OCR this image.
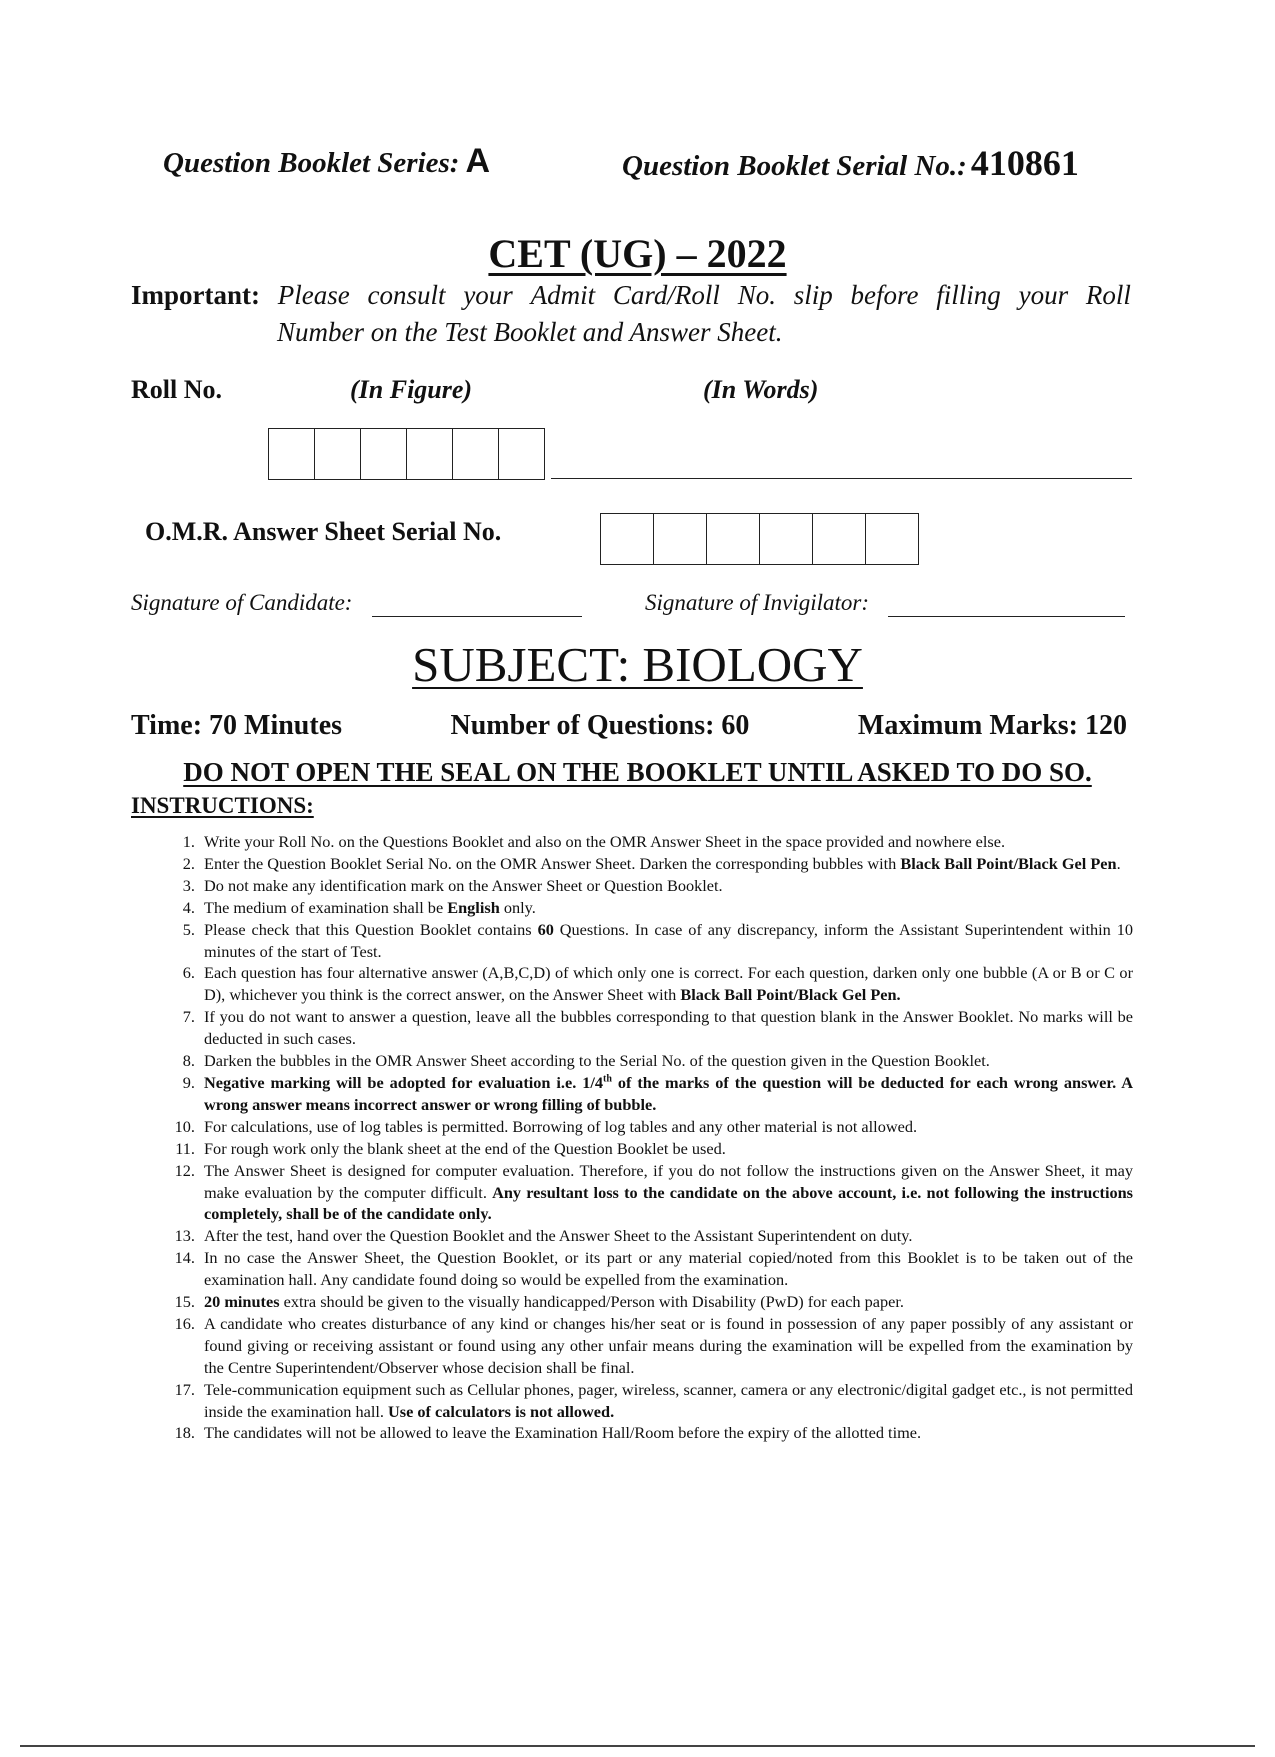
Question Booklet Series: A	Question Booklet Serial No.: 410861
CET (UG) – 2022
Important: Please consult your Admit Card/Roll No. slip before filling your Roll
Number on the Test Booklet and Answer Sheet.
Roll No.	(In Figure)	(In Words)
O.M.R. Answer Sheet Serial No.
Signature of Candidate:	Signature of Invigilator:
SUBJECT: BIOLOGY
Time: 70 Minutes	Number of Questions: 60	Maximum Marks: 120
DO NOT OPEN THE SEAL ON THE BOOKLET UNTIL ASKED TO DO SO.
INSTRUCTIONS:
1. Write your Roll No. on the Questions Booklet and also on the OMR Answer Sheet in the space provided and nowhere else.
2. Enter the Question Booklet Serial No. on the OMR Answer Sheet. Darken the corresponding bubbles with Black Ball Point/Black Gel Pen.
3. Do not make any identification mark on the Answer Sheet or Question Booklet.
4. The medium of examination shall be English only.
5. Please check that this Question Booklet contains 60 Questions. In case of any discrepancy, inform the Assistant Superintendent within 10 minutes of the start of Test.
6. Each question has four alternative answer (A,B,C,D) of which only one is correct. For each question, darken only one bubble (A or B or C or D), whichever you think is the correct answer, on the Answer Sheet with Black Ball Point/Black Gel Pen.
7. If you do not want to answer a question, leave all the bubbles corresponding to that question blank in the Answer Booklet. No marks will be deducted in such cases.
8. Darken the bubbles in the OMR Answer Sheet according to the Serial No. of the question given in the Question Booklet.
9. Negative marking will be adopted for evaluation i.e. 1/4th of the marks of the question will be deducted for each wrong answer. A wrong answer means incorrect answer or wrong filling of bubble.
10. For calculations, use of log tables is permitted. Borrowing of log tables and any other material is not allowed.
11. For rough work only the blank sheet at the end of the Question Booklet be used.
12. The Answer Sheet is designed for computer evaluation. Therefore, if you do not follow the instructions given on the Answer Sheet, it may make evaluation by the computer difficult. Any resultant loss to the candidate on the above account, i.e. not following the instructions completely, shall be of the candidate only.
13. After the test, hand over the Question Booklet and the Answer Sheet to the Assistant Superintendent on duty.
14. In no case the Answer Sheet, the Question Booklet, or its part or any material copied/noted from this Booklet is to be taken out of the examination hall. Any candidate found doing so would be expelled from the examination.
15. 20 minutes extra should be given to the visually handicapped/Person with Disability (PwD) for each paper.
16. A candidate who creates disturbance of any kind or changes his/her seat or is found in possession of any paper possibly of any assistant or found giving or receiving assistant or found using any other unfair means during the examination will be expelled from the examination by the Centre Superintendent/Observer whose decision shall be final.
17. Tele-communication equipment such as Cellular phones, pager, wireless, scanner, camera or any electronic/digital gadget etc., is not permitted inside the examination hall. Use of calculators is not allowed.
18. The candidates will not be allowed to leave the Examination Hall/Room before the expiry of the allotted time.
